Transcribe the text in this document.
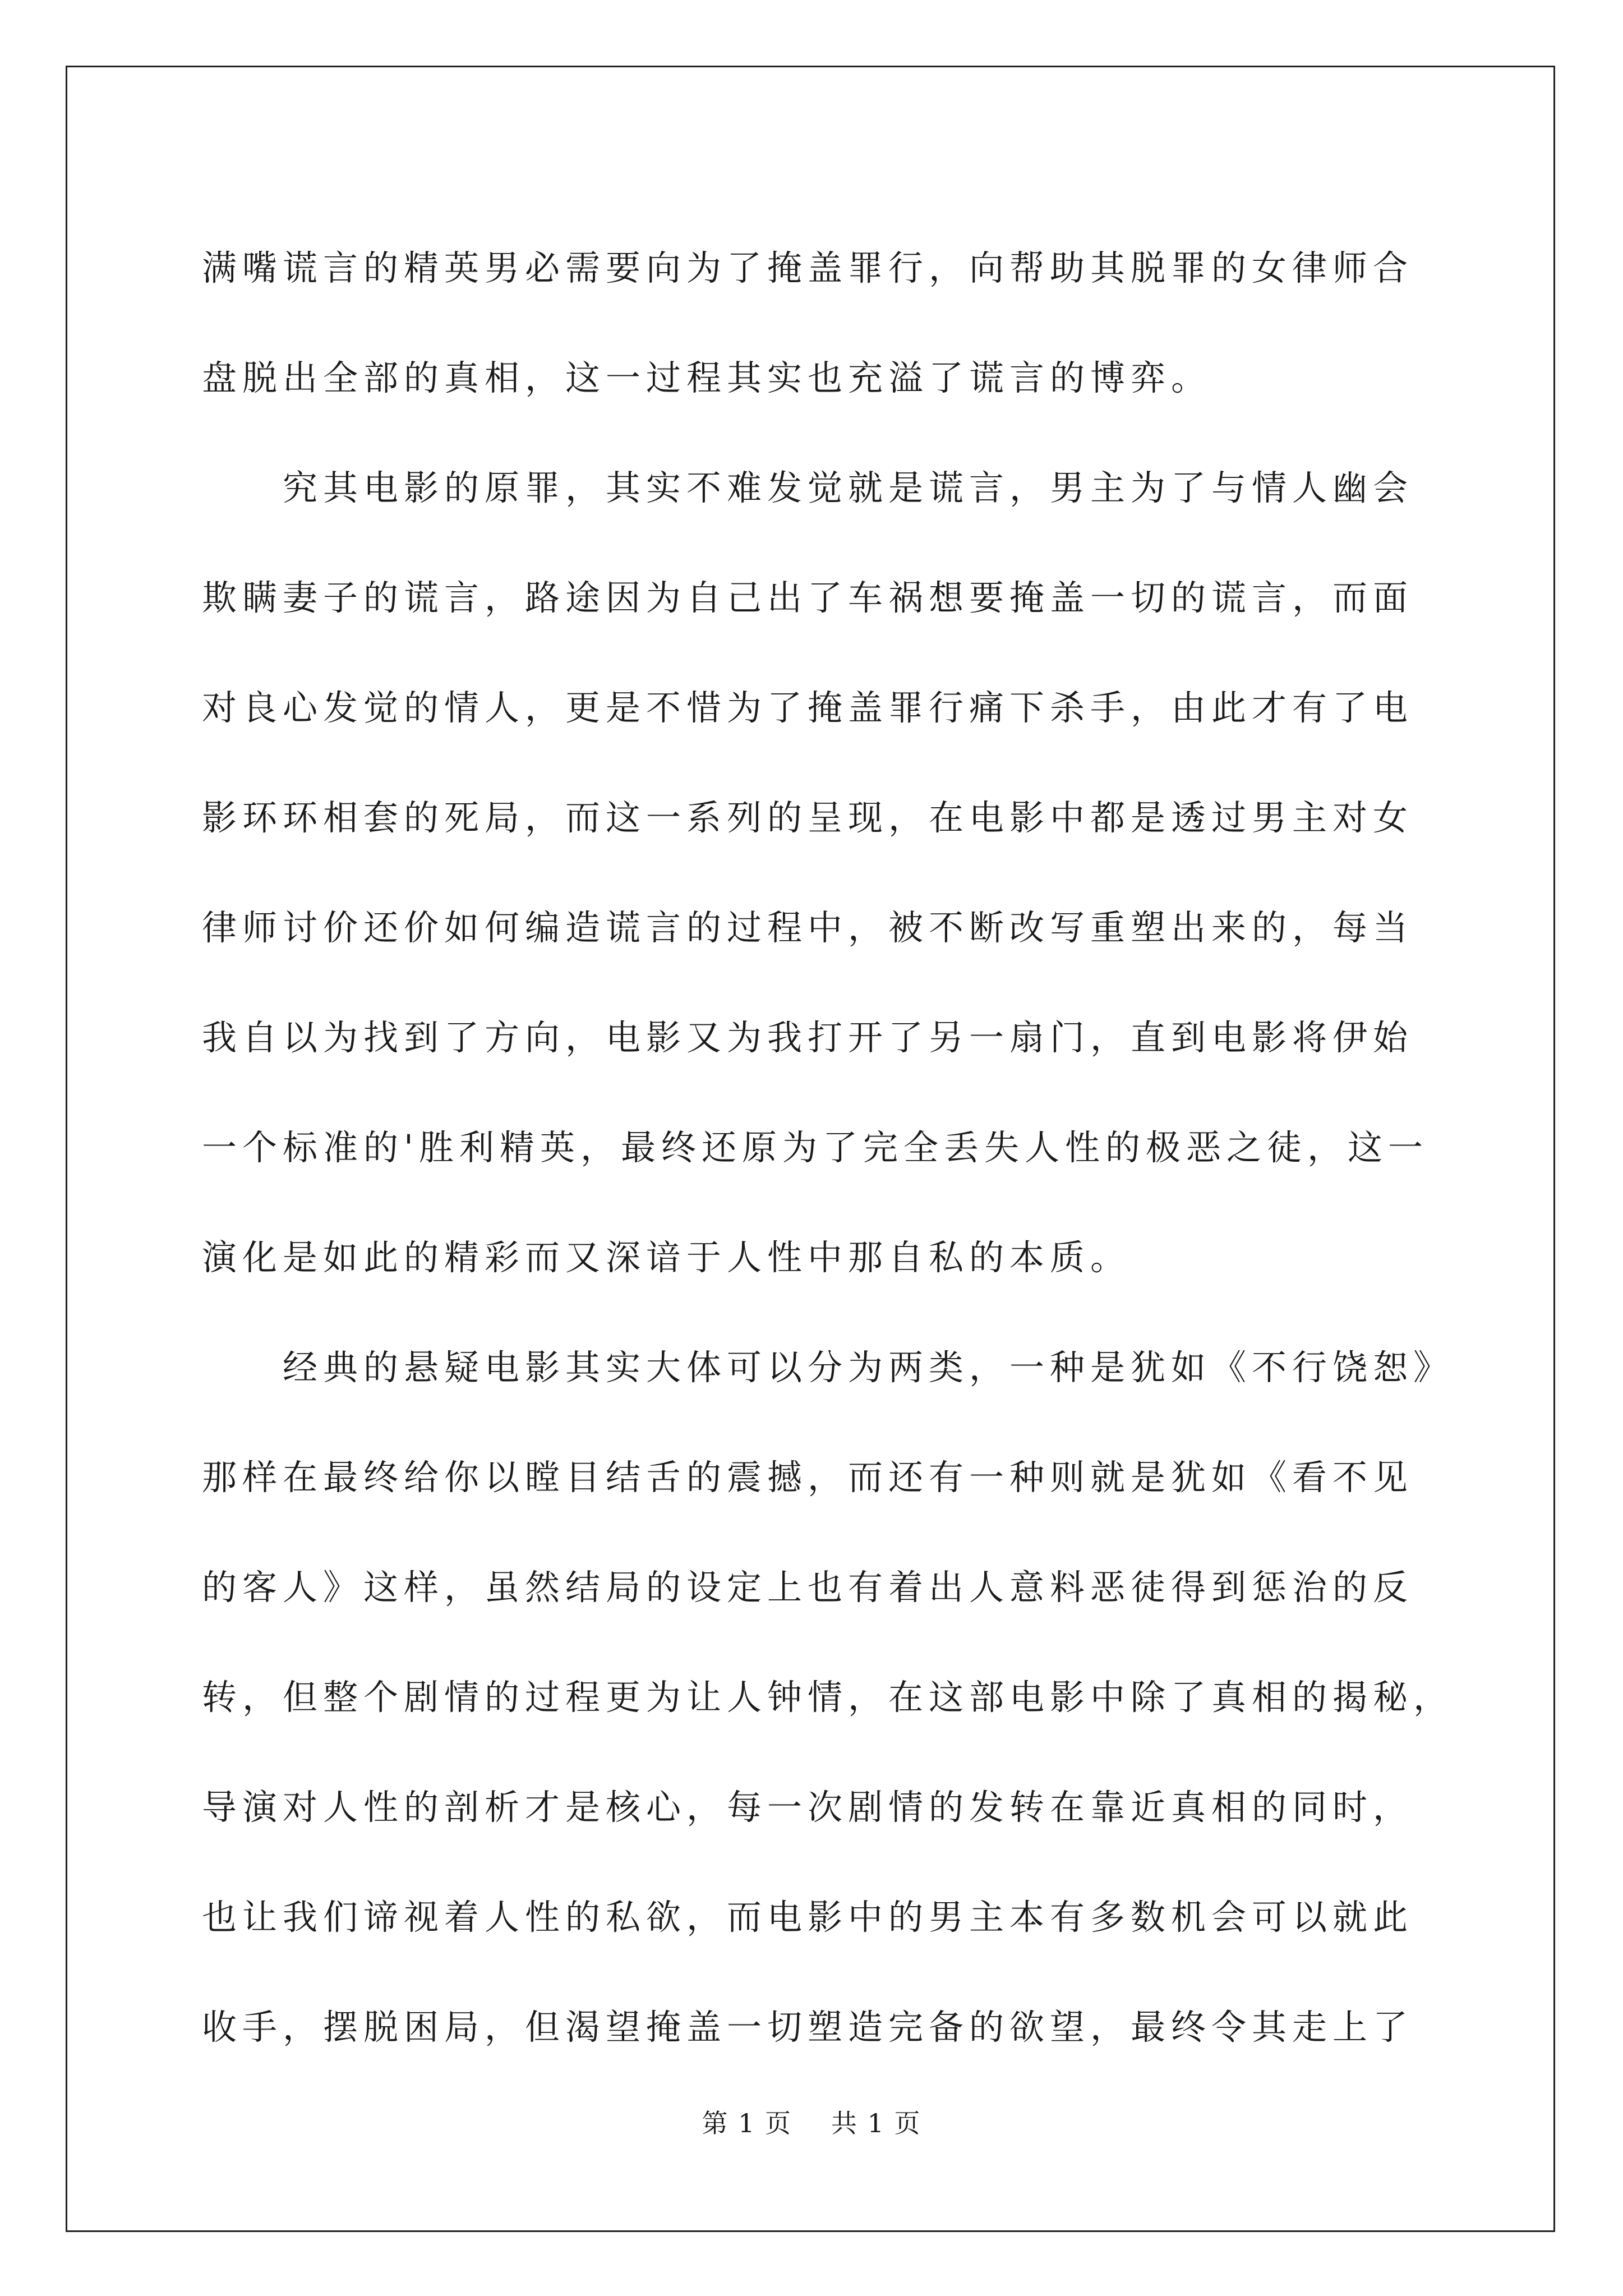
满嘴谎言的精英男必需要向为了掩盖罪行，向帮助其脱罪的女律师合
盘脱出全部的真相，这一过程其实也充溢了谎言的博弈。
　　究其电影的原罪，其实不难发觉就是谎言，男主为了与情人幽会
欺瞒妻子的谎言，路途因为自己出了车祸想要掩盖一切的谎言，而面
对良心发觉的情人，更是不惜为了掩盖罪行痛下杀手，由此才有了电
影环环相套的死局，而这一系列的呈现，在电影中都是透过男主对女
律师讨价还价如何编造谎言的过程中，被不断改写重塑出来的，每当
我自以为找到了方向，电影又为我打开了另一扇门，直到电影将伊始
一个标准的'胜利精英，最终还原为了完全丢失人性的极恶之徒，这一
演化是如此的精彩而又深谙于人性中那自私的本质。
　　经典的悬疑电影其实大体可以分为两类，一种是犹如《不行饶恕》
那样在最终给你以瞠目结舌的震撼，而还有一种则就是犹如《看不见
的客人》这样，虽然结局的设定上也有着出人意料恶徒得到惩治的反
转，但整个剧情的过程更为让人钟情，在这部电影中除了真相的揭秘，
导演对人性的剖析才是核心，每一次剧情的发转在靠近真相的同时，
也让我们谛视着人性的私欲，而电影中的男主本有多数机会可以就此
收手，摆脱困局，但渴望掩盖一切塑造完备的欲望，最终令其走上了
第 1 页 共 1 页
